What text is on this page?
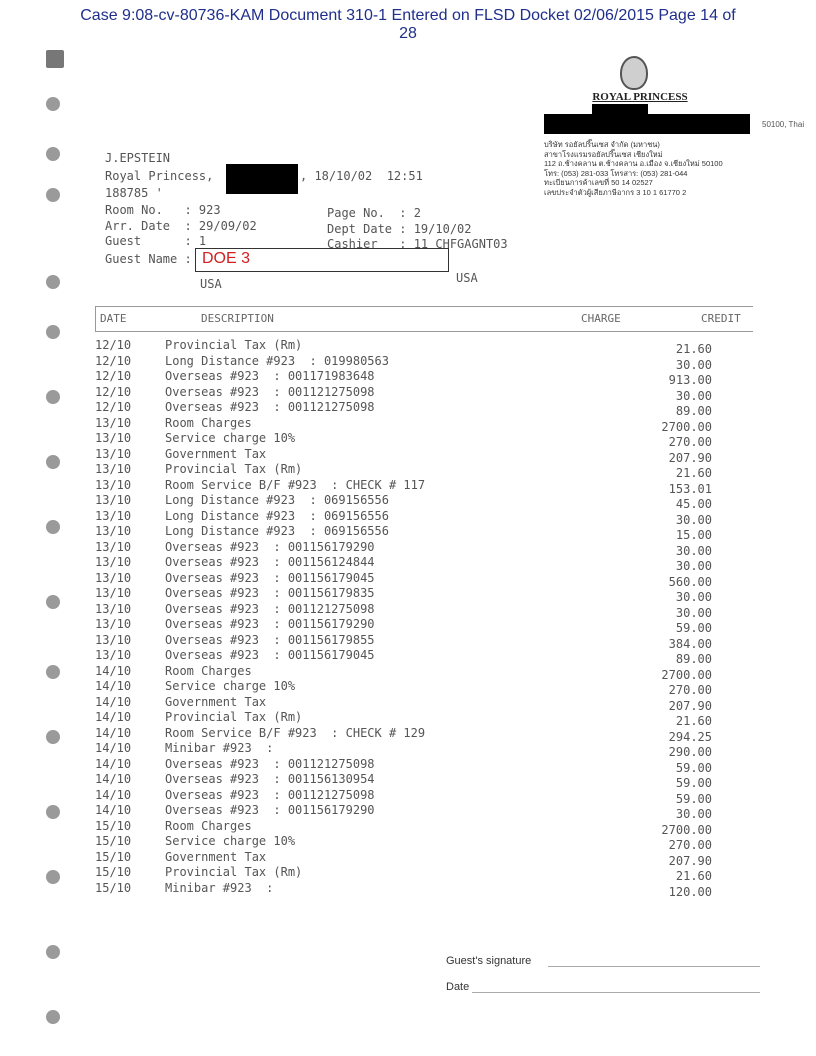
Case 9:08-cv-80736-KAM Document 310-1 Entered on FLSD Docket 02/06/2015 Page 14 of
28
ROYAL PRINCESS
50100, Thai
บริษัท รอยัลปริ๊นเซส จำกัด (มหาชน)
สาขาโรงแรมรอยัลปริ๊นเซส เชียงใหม่
112 ถ.ช้างคลาน ต.ช้างคลาน อ.เมือง จ.เชียงใหม่ 50100
โทร: (053) 281-033 โทรสาร: (053) 281-044
ทะเบียนการค้าเลขที่ 50 14 02527
เลขประจำตัวผู้เสียภาษีอากร 3 10 1 61770 2
J.EPSTEIN
Royal Princess,	, 18/10/02  12:51
188785 '
Room No.   : 923	Page No.  : 2
Arr. Date  : 29/09/02	Dept Date : 19/10/02
Guest      : 1	Cashier   : 11 CHFGAGNT03
Guest Name : DOE 3
USA
USA
DATE	DESCRIPTION	CHARGE	CREDIT
12/10	Provincial Tax (Rm)	21.60
12/10	Long Distance #923  : 019980563	30.00
12/10	Overseas #923  : 001171983648	913.00
12/10	Overseas #923  : 001121275098	30.00
12/10	Overseas #923  : 001121275098	89.00
13/10	Room Charges	2700.00
13/10	Service charge 10%	270.00
13/10	Government Tax	207.90
13/10	Provincial Tax (Rm)	21.60
13/10	Room Service B/F #923  : CHECK # 117	153.01
13/10	Long Distance #923  : 069156556	45.00
13/10	Long Distance #923  : 069156556	30.00
13/10	Long Distance #923  : 069156556	15.00
13/10	Overseas #923  : 001156179290	30.00
13/10	Overseas #923  : 001156124844	30.00
13/10	Overseas #923  : 001156179045	560.00
13/10	Overseas #923  : 001156179835	30.00
13/10	Overseas #923  : 001121275098	30.00
13/10	Overseas #923  : 001156179290	59.00
13/10	Overseas #923  : 001156179855	384.00
13/10	Overseas #923  : 001156179045	89.00
14/10	Room Charges	2700.00
14/10	Service charge 10%	270.00
14/10	Government Tax	207.90
14/10	Provincial Tax (Rm)	21.60
14/10	Room Service B/F #923  : CHECK # 129	294.25
14/10	Minibar #923  :	290.00
14/10	Overseas #923  : 001121275098	59.00
14/10	Overseas #923  : 001156130954	59.00
14/10	Overseas #923  : 001121275098	59.00
14/10	Overseas #923  : 001156179290	30.00
15/10	Room Charges	2700.00
15/10	Service charge 10%	270.00
15/10	Government Tax	207.90
15/10	Provincial Tax (Rm)	21.60
15/10	Minibar #923  :	120.00
Guest's signature
Date
